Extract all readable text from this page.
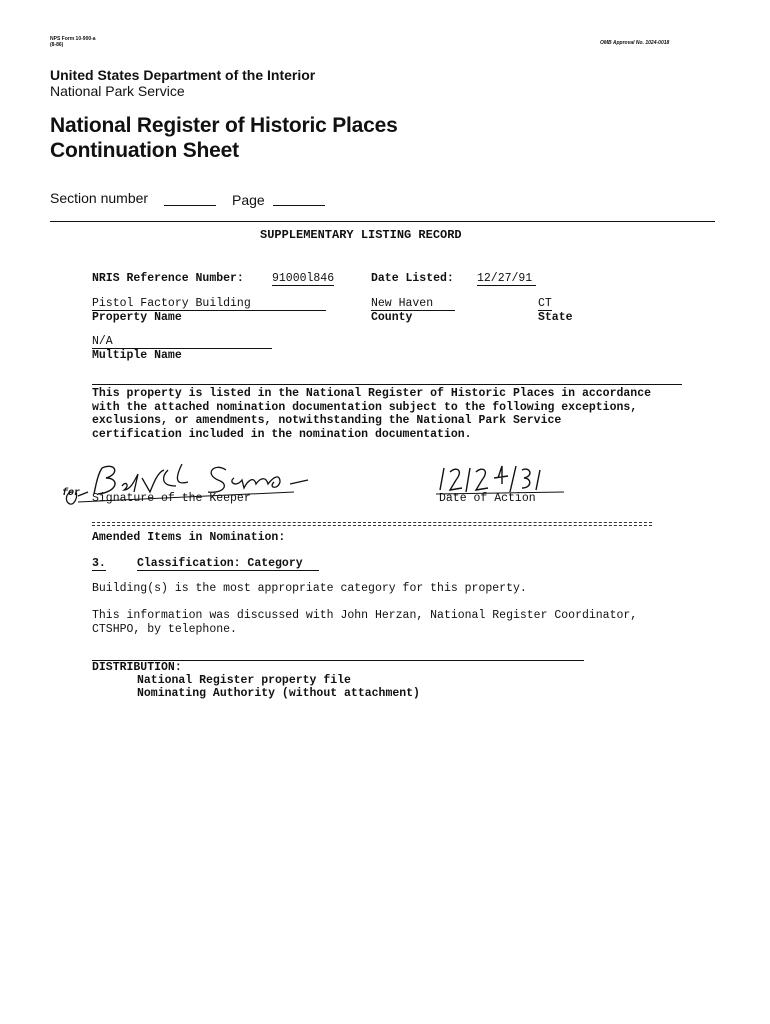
NPS Form 10-900-a
(8-86)	OMB Approval No. 1024-0018
United States Department of the Interior
National Park Service
National Register of Historic Places
Continuation Sheet
Section number	Page
SUPPLEMENTARY LISTING RECORD
NRIS Reference Number: 91000l846	Date Listed: 12/27/91
Pistol Factory Building
Property Name
New Haven
County
CT
State
N/A
Multiple Name
This property is listed in the National Register of Historic Places in accordance
with the attached nomination documentation subject to the following exceptions,
exclusions, or amendments, notwithstanding the National Park Service
certification included in the nomination documentation.
for Signature of the Keeper	Date of Action
Amended Items in Nomination:
3.	Classification: Category
Building(s) is the most appropriate category for this property.
This information was discussed with John Herzan, National Register Coordinator,
CTSHPO, by telephone.
DISTRIBUTION:
National Register property file
Nominating Authority (without attachment)
